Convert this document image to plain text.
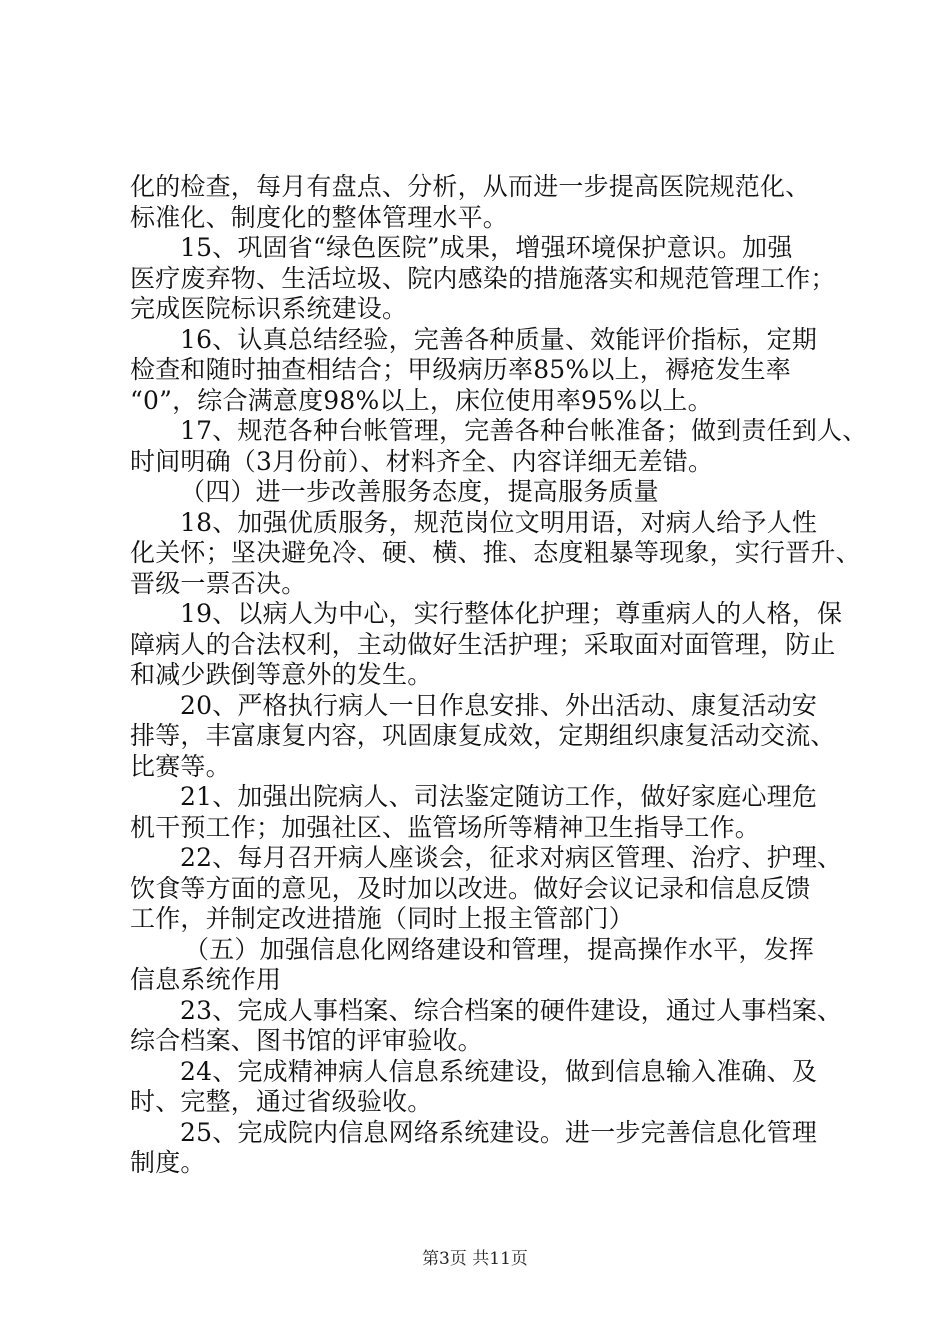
化的检查，每月有盘点、分析，从而进一步提高医院规范化、
标准化、制度化的整体管理水平。
15、巩固省“绿色医院”成果，增强环境保护意识。加强
医疗废弃物、生活垃圾、院内感染的措施落实和规范管理工作；
完成医院标识系统建设。
16、认真总结经验，完善各种质量、效能评价指标，定期
检查和随时抽查相结合；甲级病历率85%以上，褥疮发生率
“0”，综合满意度98%以上，床位使用率95%以上。
17、规范各种台帐管理，完善各种台帐准备；做到责任到人、
时间明确（3月份前）、材料齐全、内容详细无差错。
（四）进一步改善服务态度，提高服务质量
18、加强优质服务，规范岗位文明用语，对病人给予人性
化关怀；坚决避免冷、硬、横、推、态度粗暴等现象，实行晋升、
晋级一票否决。
19、以病人为中心，实行整体化护理；尊重病人的人格，保
障病人的合法权利，主动做好生活护理；采取面对面管理，防止
和减少跌倒等意外的发生。
20、严格执行病人一日作息安排、外出活动、康复活动安
排等，丰富康复内容，巩固康复成效，定期组织康复活动交流、
比赛等。
21、加强出院病人、司法鉴定随访工作，做好家庭心理危
机干预工作；加强社区、监管场所等精神卫生指导工作。
22、每月召开病人座谈会，征求对病区管理、治疗、护理、
饮食等方面的意见，及时加以改进。做好会议记录和信息反馈
工作，并制定改进措施（同时上报主管部门）
（五）加强信息化网络建设和管理，提高操作水平，发挥
信息系统作用
23、完成人事档案、综合档案的硬件建设，通过人事档案、
综合档案、图书馆的评审验收。
24、完成精神病人信息系统建设，做到信息输入准确、及
时、完整，通过省级验收。
25、完成院内信息网络系统建设。进一步完善信息化管理
制度。
第3页 共11页
